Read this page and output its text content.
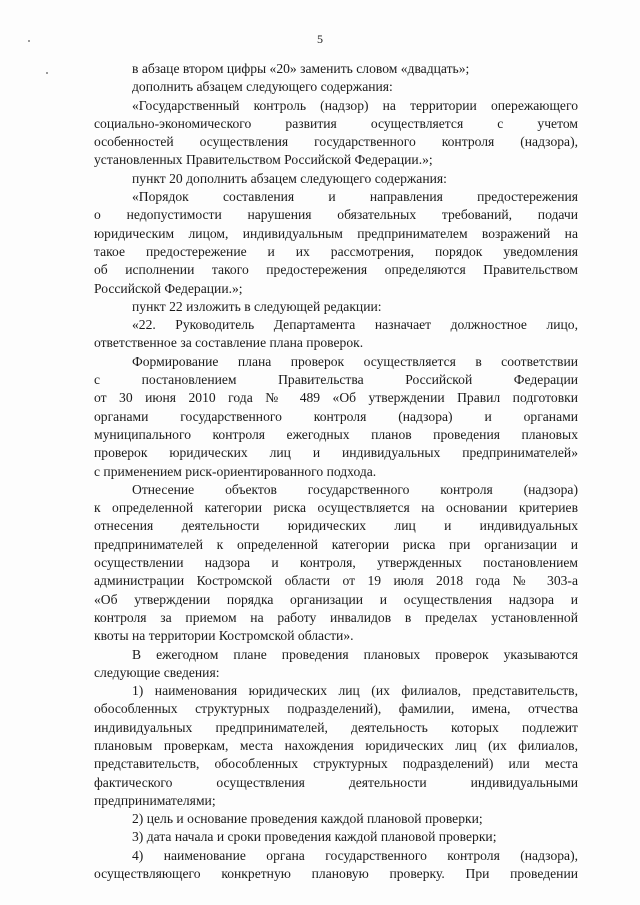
5
в абзаце втором цифры «20» заменить словом «двадцать»;
дополнить абзацем следующего содержания:
«Государственный контроль (надзор) на территории опережающего
социально-экономического развития осуществляется с учетом
особенностей осуществления государственного контроля (надзора),
установленных Правительством Российской Федерации.»;
пункт 20 дополнить абзацем следующего содержания:
«Порядок составления и направления предостережения
о недопустимости нарушения обязательных требований, подачи
юридическим лицом, индивидуальным предпринимателем возражений на
такое предостережение и их рассмотрения, порядок уведомления
об исполнении такого предостережения определяются Правительством
Российской Федерации.»;
пункт 22 изложить в следующей редакции:
«22. Руководитель Департамента назначает должностное лицо,
ответственное за составление плана проверок.
Формирование плана проверок осуществляется в соответствии
с постановлением Правительства Российской Федерации
от 30 июня 2010 года № 489 «Об утверждении Правил подготовки
органами государственного контроля (надзора) и органами
муниципального контроля ежегодных планов проведения плановых
проверок юридических лиц и индивидуальных предпринимателей»
с применением риск-ориентированного подхода.
Отнесение объектов государственного контроля (надзора)
к определенной категории риска осуществляется на основании критериев
отнесения деятельности юридических лиц и индивидуальных
предпринимателей к определенной категории риска при организации и
осуществлении надзора и контроля, утвержденных постановлением
администрации Костромской области от 19 июля 2018 года № 303-а
«Об утверждении порядка организации и осуществления надзора и
контроля за приемом на работу инвалидов в пределах установленной
квоты на территории Костромской области».
В ежегодном плане проведения плановых проверок указываются
следующие сведения:
1) наименования юридических лиц (их филиалов, представительств,
обособленных структурных подразделений), фамилии, имена, отчества
индивидуальных предпринимателей, деятельность которых подлежит
плановым проверкам, места нахождения юридических лиц (их филиалов,
представительств, обособленных структурных подразделений) или места
фактического осуществления деятельности индивидуальными
предпринимателями;
2) цель и основание проведения каждой плановой проверки;
3) дата начала и сроки проведения каждой плановой проверки;
4) наименование органа государственного контроля (надзора),
осуществляющего конкретную плановую проверку. При проведении
